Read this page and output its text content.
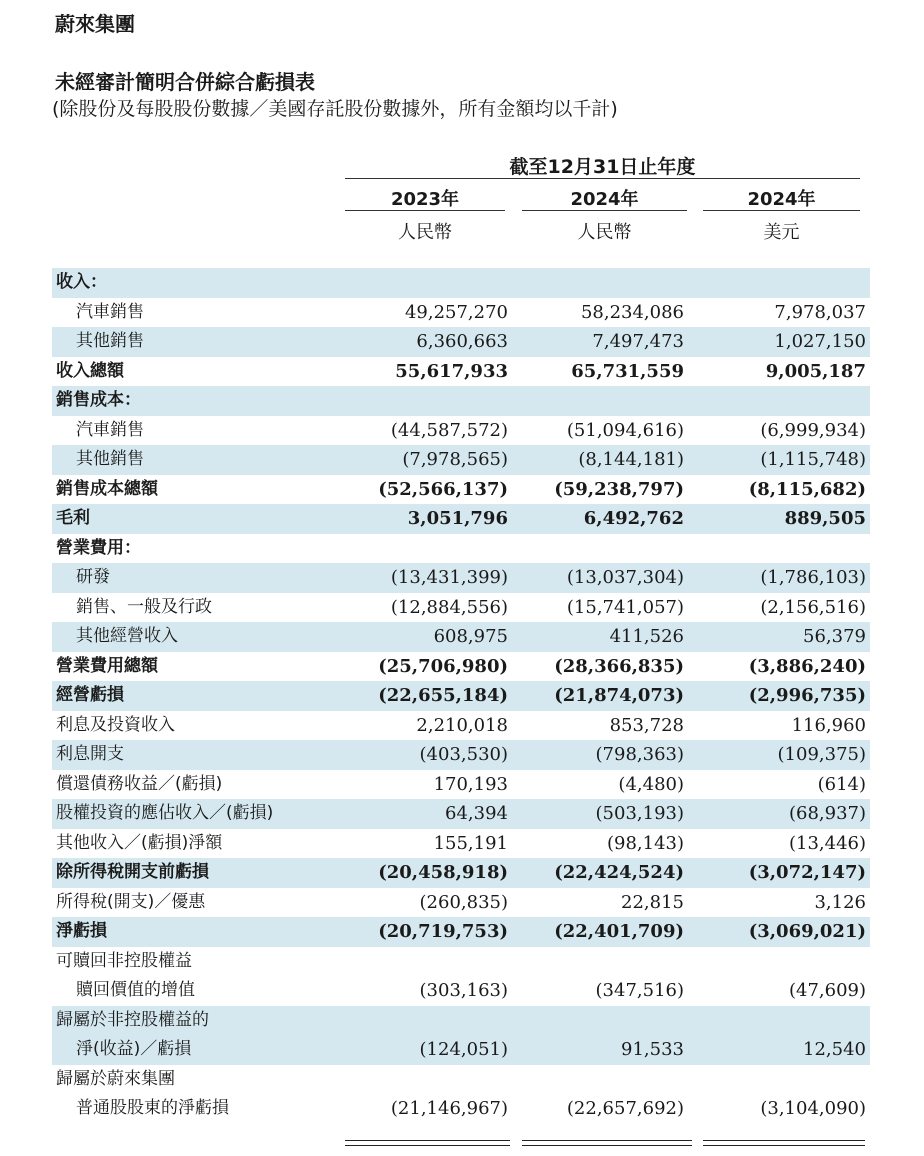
蔚來集團
未經審計簡明合併綜合虧損表
(除股份及每股股份數據／美國存託股份數據外，所有金額均以千計)
截至12月31日止年度
2023年	2024年	2024年
人民幣	人民幣	美元
收入：
汽車銷售	49,257,270	58,234,086	7,978,037
其他銷售	6,360,663	7,497,473	1,027,150
收入總額	55,617,933	65,731,559	9,005,187
銷售成本：
汽車銷售	(44,587,572)	(51,094,616)	(6,999,934)
其他銷售	(7,978,565)	(8,144,181)	(1,115,748)
銷售成本總額	(52,566,137)	(59,238,797)	(8,115,682)
毛利	3,051,796	6,492,762	889,505
營業費用：
研發	(13,431,399)	(13,037,304)	(1,786,103)
銷售、一般及行政	(12,884,556)	(15,741,057)	(2,156,516)
其他經營收入	608,975	411,526	56,379
營業費用總額	(25,706,980)	(28,366,835)	(3,886,240)
經營虧損	(22,655,184)	(21,874,073)	(2,996,735)
利息及投資收入	2,210,018	853,728	116,960
利息開支	(403,530)	(798,363)	(109,375)
償還債務收益／(虧損)	170,193	(4,480)	(614)
股權投資的應佔收入／(虧損)	64,394	(503,193)	(68,937)
其他收入／(虧損)淨額	155,191	(98,143)	(13,446)
除所得稅開支前虧損	(20,458,918)	(22,424,524)	(3,072,147)
所得稅(開支)／優惠	(260,835)	22,815	3,126
淨虧損	(20,719,753)	(22,401,709)	(3,069,021)
可贖回非控股權益
贖回價值的增值	(303,163)	(347,516)	(47,609)
歸屬於非控股權益的
淨(收益)／虧損	(124,051)	91,533	12,540
歸屬於蔚來集團
普通股股東的淨虧損	(21,146,967)	(22,657,692)	(3,104,090)
